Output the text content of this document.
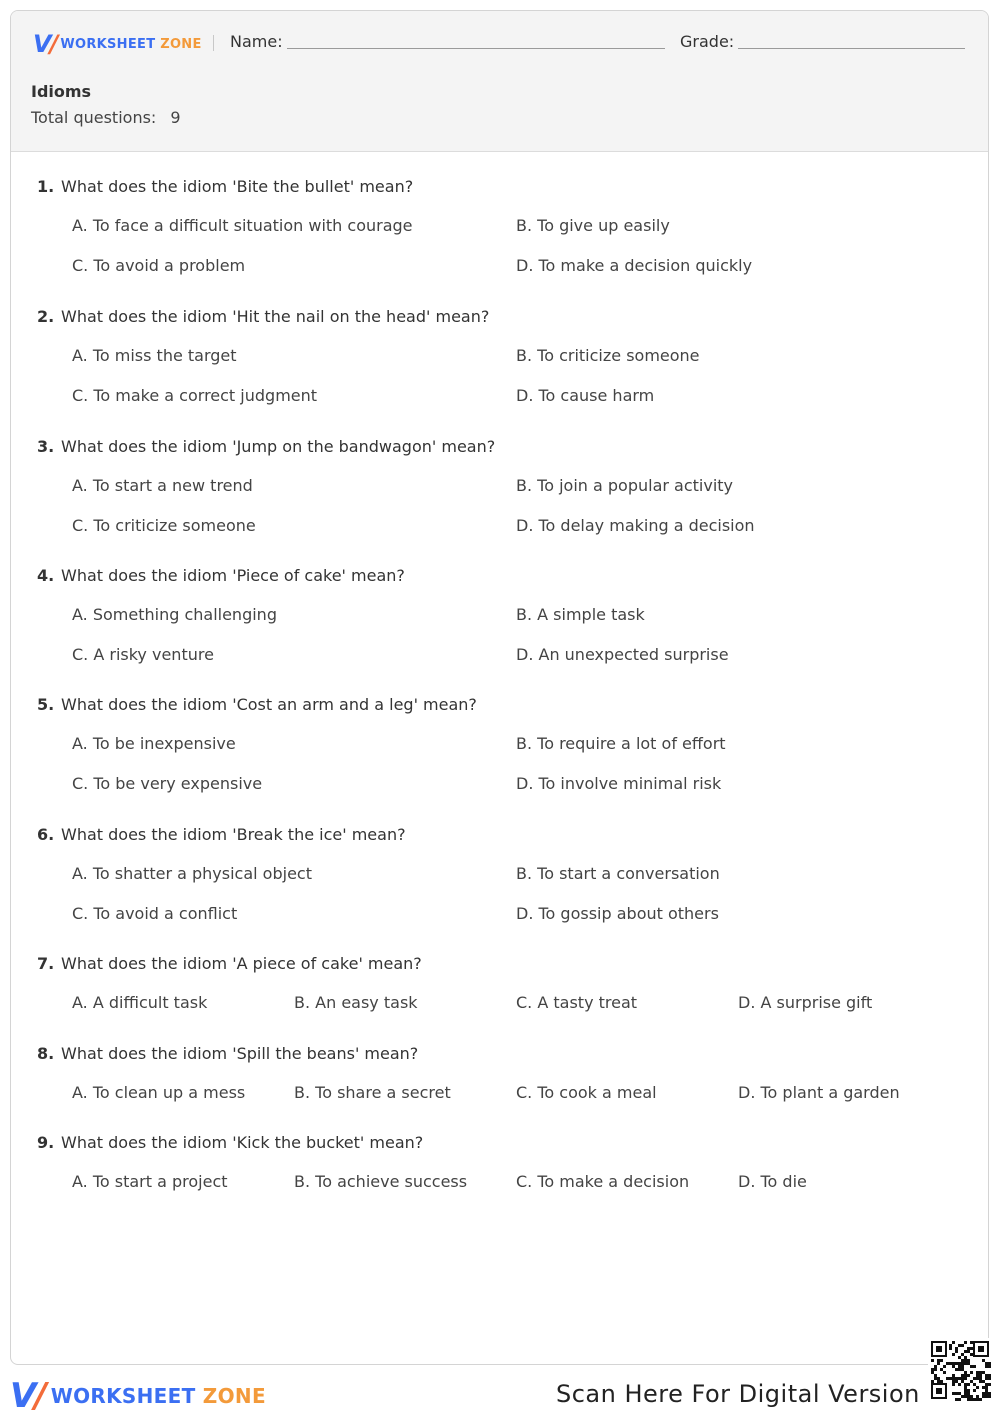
V/ WORKSHEET ZONE Name:	Grade:
Idioms
Total questions: 9
1. What does the idiom 'Bite the bullet' mean?
A. To face a difficult situation with courage	B. To give up easily
C. To avoid a problem	D. To make a decision quickly
2. What does the idiom 'Hit the nail on the head' mean?
A. To miss the target	B. To criticize someone
C. To make a correct judgment	D. To cause harm
3. What does the idiom 'Jump on the bandwagon' mean?
A. To start a new trend	B. To join a popular activity
C. To criticize someone	D. To delay making a decision
4. What does the idiom 'Piece of cake' mean?
A. Something challenging	B. A simple task
C. A risky venture	D. An unexpected surprise
5. What does the idiom 'Cost an arm and a leg' mean?
A. To be inexpensive	B. To require a lot of effort
C. To be very expensive	D. To involve minimal risk
6. What does the idiom 'Break the ice' mean?
A. To shatter a physical object	B. To start a conversation
C. To avoid a conflict	D. To gossip about others
7. What does the idiom 'A piece of cake' mean?
A. A difficult task	B. An easy task	C. A tasty treat	D. A surprise gift
8. What does the idiom 'Spill the beans' mean?
A. To clean up a mess	B. To share a secret	C. To cook a meal	D. To plant a garden
9. What does the idiom 'Kick the bucket' mean?
A. To start a project	B. To achieve success	C. To make a decision	D. To die
V/ WORKSHEET ZONE	Scan Here For Digital Version
